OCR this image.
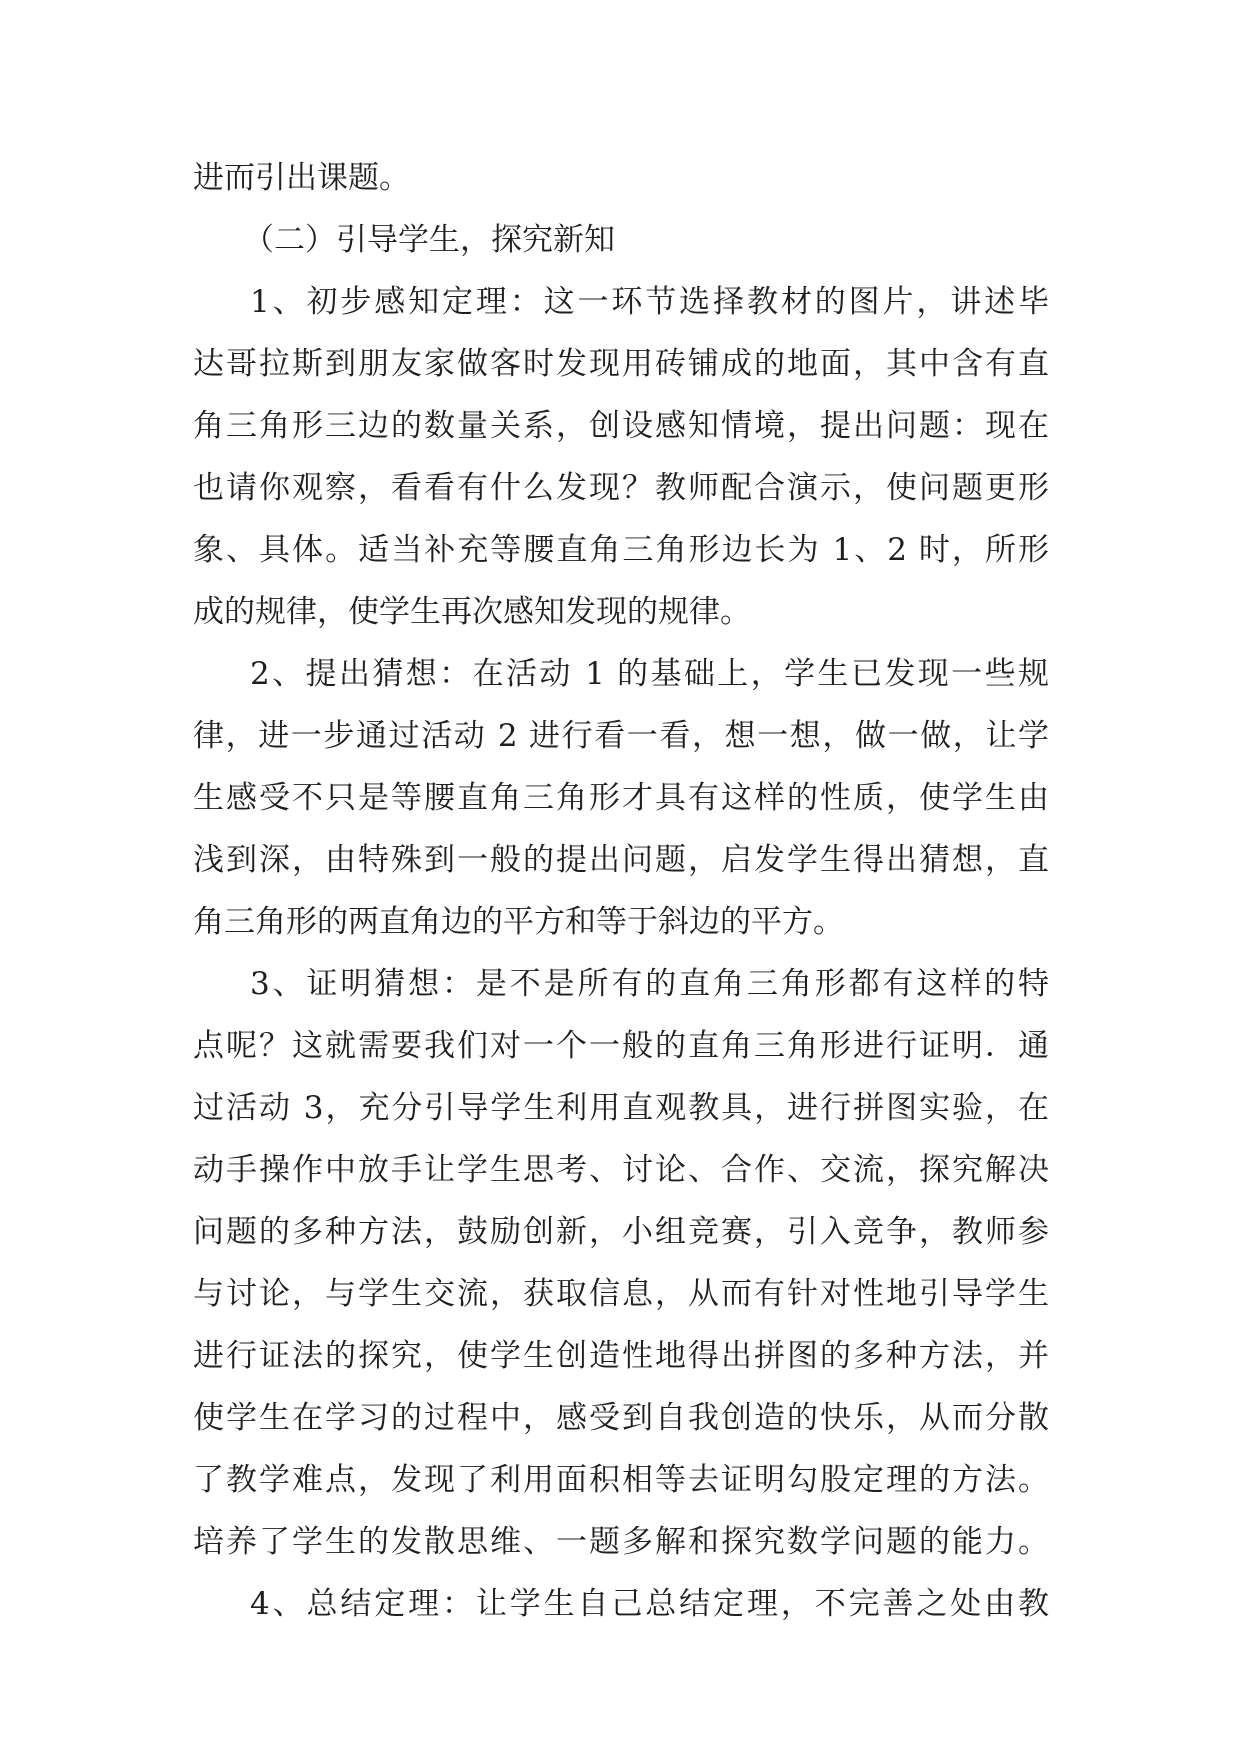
进而引出课题。
（二）引导学生，探究新知
1、初步感知定理：这一环节选择教材的图片，讲述毕
达哥拉斯到朋友家做客时发现用砖铺成的地面，其中含有直
角三角形三边的数量关系，创设感知情境，提出问题：现在
也请你观察，看看有什么发现？教师配合演示，使问题更形
象、具体。适当补充等腰直角三角形边长为 1、2 时，所形
成的规律，使学生再次感知发现的规律。
2、提出猜想：在活动 1 的基础上，学生已发现一些规
律，进一步通过活动 2 进行看一看，想一想，做一做，让学
生感受不只是等腰直角三角形才具有这样的性质，使学生由
浅到深，由特殊到一般的提出问题，启发学生得出猜想，直
角三角形的两直角边的平方和等于斜边的平方。
3、证明猜想：是不是所有的直角三角形都有这样的特
点呢？这就需要我们对一个一般的直角三角形进行证明．通
过活动 3，充分引导学生利用直观教具，进行拼图实验，在
动手操作中放手让学生思考、讨论、合作、交流，探究解决
问题的多种方法，鼓励创新，小组竞赛，引入竞争，教师参
与讨论，与学生交流，获取信息，从而有针对性地引导学生
进行证法的探究，使学生创造性地得出拼图的多种方法，并
使学生在学习的过程中，感受到自我创造的快乐，从而分散
了教学难点，发现了利用面积相等去证明勾股定理的方法。
培养了学生的发散思维、一题多解和探究数学问题的能力。
4、总结定理：让学生自己总结定理，不完善之处由教
